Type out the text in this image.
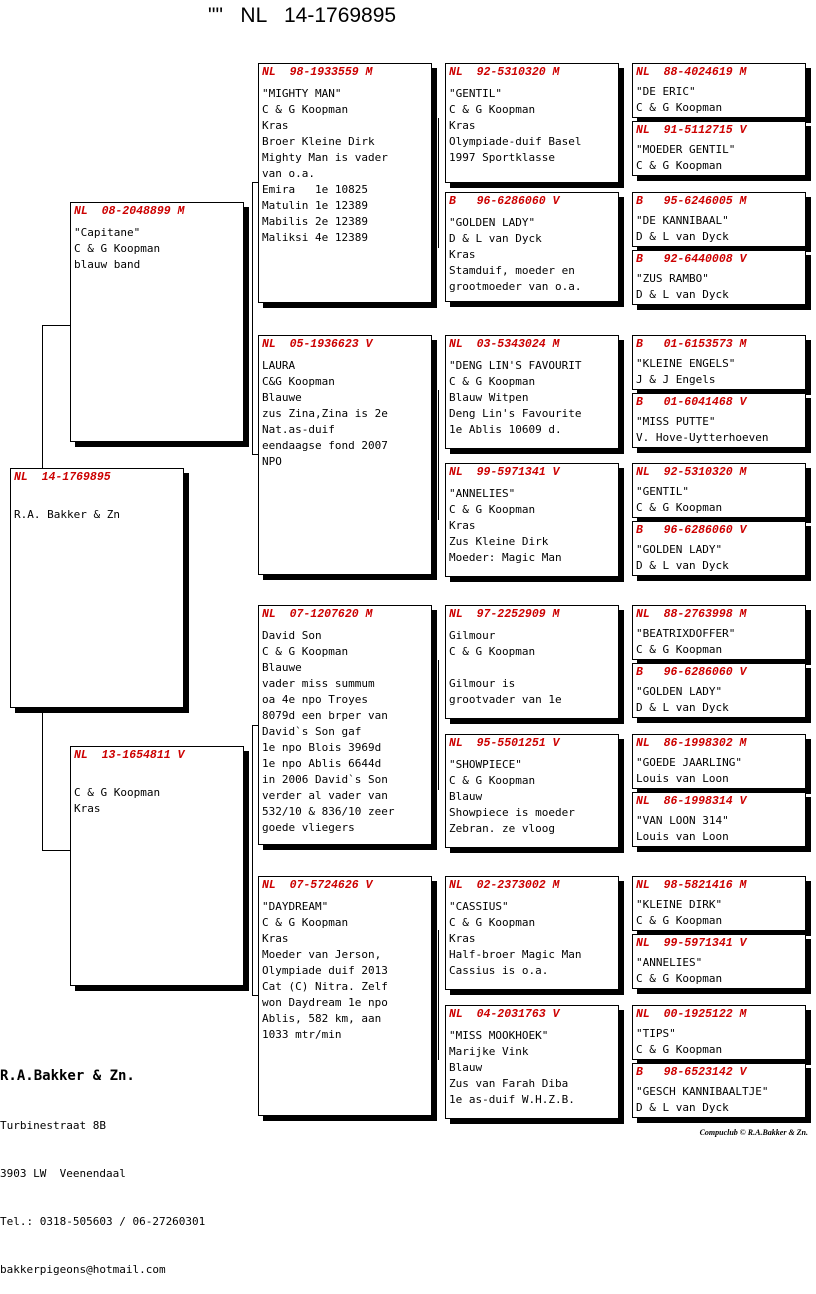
""   NL   14-1769895
NL  14-1769895

R.A. Bakker & Zn
NL  08-2048899 M
"Capitane"
C & G Koopman
blauw band
NL  13-1654811 V

C & G Koopman
Kras
NL  98-1933559 M
"MIGHTY MAN"
C & G Koopman
Kras
Broer Kleine Dirk
Mighty Man is vader
van o.a.
Emira   1e 10825
Matulin 1e 12389
Mabilis 2e 12389
Maliksi 4e 12389
NL  05-1936623 V
LAURA
C&G Koopman
Blauwe
zus Zina,Zina is 2e
Nat.as-duif
eendaagse fond 2007
NPO
NL  07-1207620 M
David Son
C & G Koopman
Blauwe
vader miss summum
oa 4e npo Troyes
8079d een brper van
David`s Son gaf
1e npo Blois 3969d
1e npo Ablis 6644d
in 2006 David`s Son
verder al vader van
532/10 & 836/10 zeer
goede vliegers
NL  07-5724626 V
"DAYDREAM"
C & G Koopman
Kras
Moeder van Jerson,
Olympiade duif 2013
Cat (C) Nitra. Zelf
won Daydream 1e npo
Ablis, 582 km, aan
1033 mtr/min
NL  92-5310320 M
"GENTIL"
C & G Koopman
Kras
Olympiade-duif Basel
1997 Sportklasse
B   96-6286060 V
"GOLDEN LADY"
D & L van Dyck
Kras
Stamduif, moeder en
grootmoeder van o.a.
NL  03-5343024 M
"DENG LIN'S FAVOURIT
C & G Koopman
Blauw Witpen
Deng Lin's Favourite
1e Ablis 10609 d.
NL  99-5971341 V
"ANNELIES"
C & G Koopman
Kras
Zus Kleine Dirk
Moeder: Magic Man
NL  97-2252909 M
Gilmour
C & G Koopman

Gilmour is
grootvader van 1e
NL  95-5501251 V
"SHOWPIECE"
C & G Koopman
Blauw
Showpiece is moeder
Zebran. ze vloog
NL  02-2373002 M
"CASSIUS"
C & G Koopman
Kras
Half-broer Magic Man
Cassius is o.a.
NL  04-2031763 V
"MISS MOOKHOEK"
Marijke Vink
Blauw
Zus van Farah Diba
1e as-duif W.H.Z.B.
NL  88-4024619 M
"DE ERIC"
C & G Koopman
NL  91-5112715 V
"MOEDER GENTIL"
C & G Koopman
B   95-6246005 M
"DE KANNIBAAL"
D & L van Dyck
B   92-6440008 V
"ZUS RAMBO"
D & L van Dyck
B   01-6153573 M
"KLEINE ENGELS"
J & J Engels
B   01-6041468 V
"MISS PUTTE"
V. Hove-Uytterhoeven
NL  92-5310320 M
"GENTIL"
C & G Koopman
B   96-6286060 V
"GOLDEN LADY"
D & L van Dyck
NL  88-2763998 M
"BEATRIXDOFFER"
C & G Koopman
B   96-6286060 V
"GOLDEN LADY"
D & L van Dyck
NL  86-1998302 M
"GOEDE JAARLING"
Louis van Loon
NL  86-1998314 V
"VAN LOON 314"
Louis van Loon
NL  98-5821416 M
"KLEINE DIRK"
C & G Koopman
NL  99-5971341 V
"ANNELIES"
C & G Koopman
NL  00-1925122 M
"TIPS"
C & G Koopman
B   98-6523142 V
"GESCH KANNIBAALTJE"
D & L van Dyck

R.A.Bakker & Zn.

Turbinestraat 8B

3903 LW  Veenendaal

Tel.: 0318-505603 / 06-27260301

bakkerpigeons@hotmail.com

Compuclub © R.A.Bakker & Zn.
